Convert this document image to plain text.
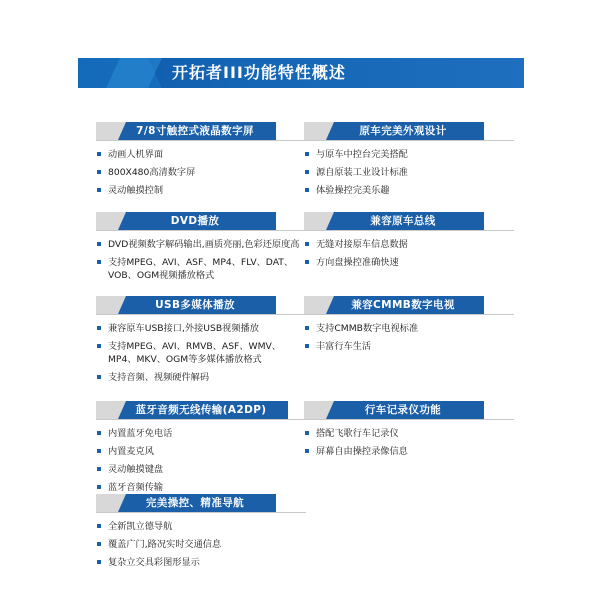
开拓者III功能特性概述
7/8寸触控式液晶数字屏
动画人机界面
800X480高清数字屏
灵动触摸控制
DVD播放
DVD视频数字解码输出,画质亮丽,色彩还原度高
支持MPEG、AVI、ASF、MP4、FLV、DAT、VOB、OGM视频播放格式
USB多媒体播放
兼容原车USB接口,外接USB视频播放
支持MPEG、AVI、RMVB、ASF、WMV、MP4、MKV、OGM等多媒体播放格式
支持音频、视频硬件解码
蓝牙音频无线传输(A2DP)
内置蓝牙免电话
内置麦克风
灵动触摸键盘
蓝牙音频传输
完美操控、精准导航
全新凯立德导航
覆盖广门,路况实时交通信息
复杂立交具彩图形显示
原车完美外观设计
与原车中控台完美搭配
源自原装工业设计标准
体验操控完美乐趣
兼容原车总线
无缝对接原车信息数据
方向盘操控准确快速
兼容CMMB数字电视
支持CMMB数字电视标准
丰富行车生活
行车记录仪功能
搭配飞歌行车记录仪
屏幕自由操控录像信息
